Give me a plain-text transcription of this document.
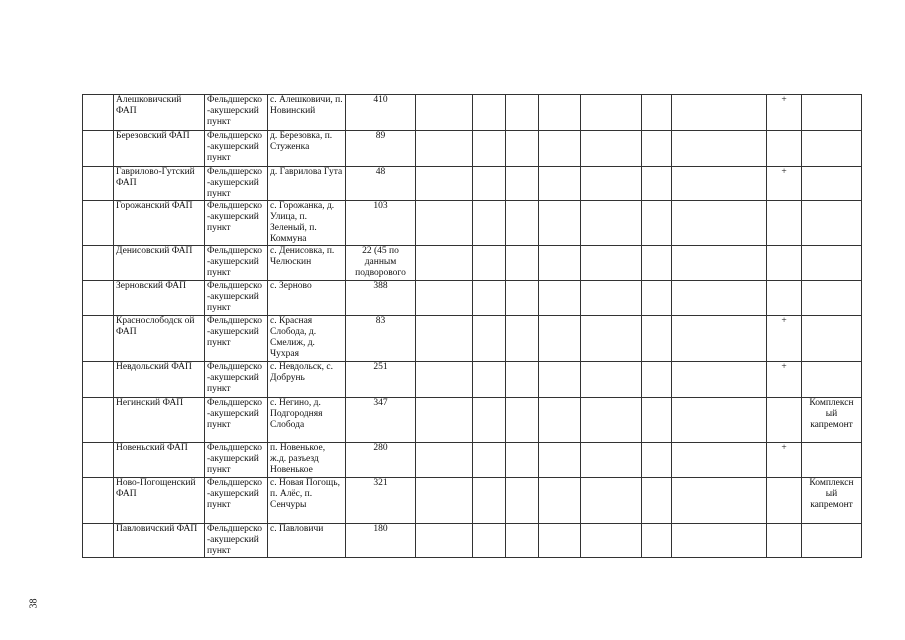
	Алешковичский ФАП	Фельдшерско -акушерский пункт	с. Алешковичи, п. Новинский	410								+	
	Березовский ФАП	Фельдшерско -акушерский пункт	д. Березовка, п. Стуженка	89									
	Гаврилово-Гутский ФАП	Фельдшерско -акушерский пункт	д. Гаврилова Гута	48								+	
	Горожанский ФАП	Фельдшерско -акушерский пункт	с. Горожанка, д. Улица, п. Зеленый, п. Коммуна	103									
	Денисовский ФАП	Фельдшерско -акушерский пункт	с. Денисовка, п. Челюскин	22 (45 по данным подворового									
	Зерновский ФАП	Фельдшерско -акушерский пункт	с. Зерново	388									
	Краснослободск ой ФАП	Фельдшерско -акушерский пункт	с. Красная Слобода, д. Смелиж, д. Чухрая	83								+	
	Невдольский ФАП	Фельдшерско -акушерский пункт	с. Невдольск, с. Добрунь	251								+	
	Негинский ФАП	Фельдшерско -акушерский пункт	с. Негино, д. Подгородняя Слобода	347									Комплексн ый капремонт
	Новеньский ФАП	Фельдшерско -акушерский пункт	п. Новенькое, ж.д. разъезд Новенькое	280								+	
	Ново-Погощенский ФАП	Фельдшерско -акушерский пункт	с. Новая Погощь, п. Алёс, п. Сенчуры	321									Комплексн ый капремонт
	Павловичский ФАП	Фельдшерско -акушерский пункт	с. Павловичи	180									
38
